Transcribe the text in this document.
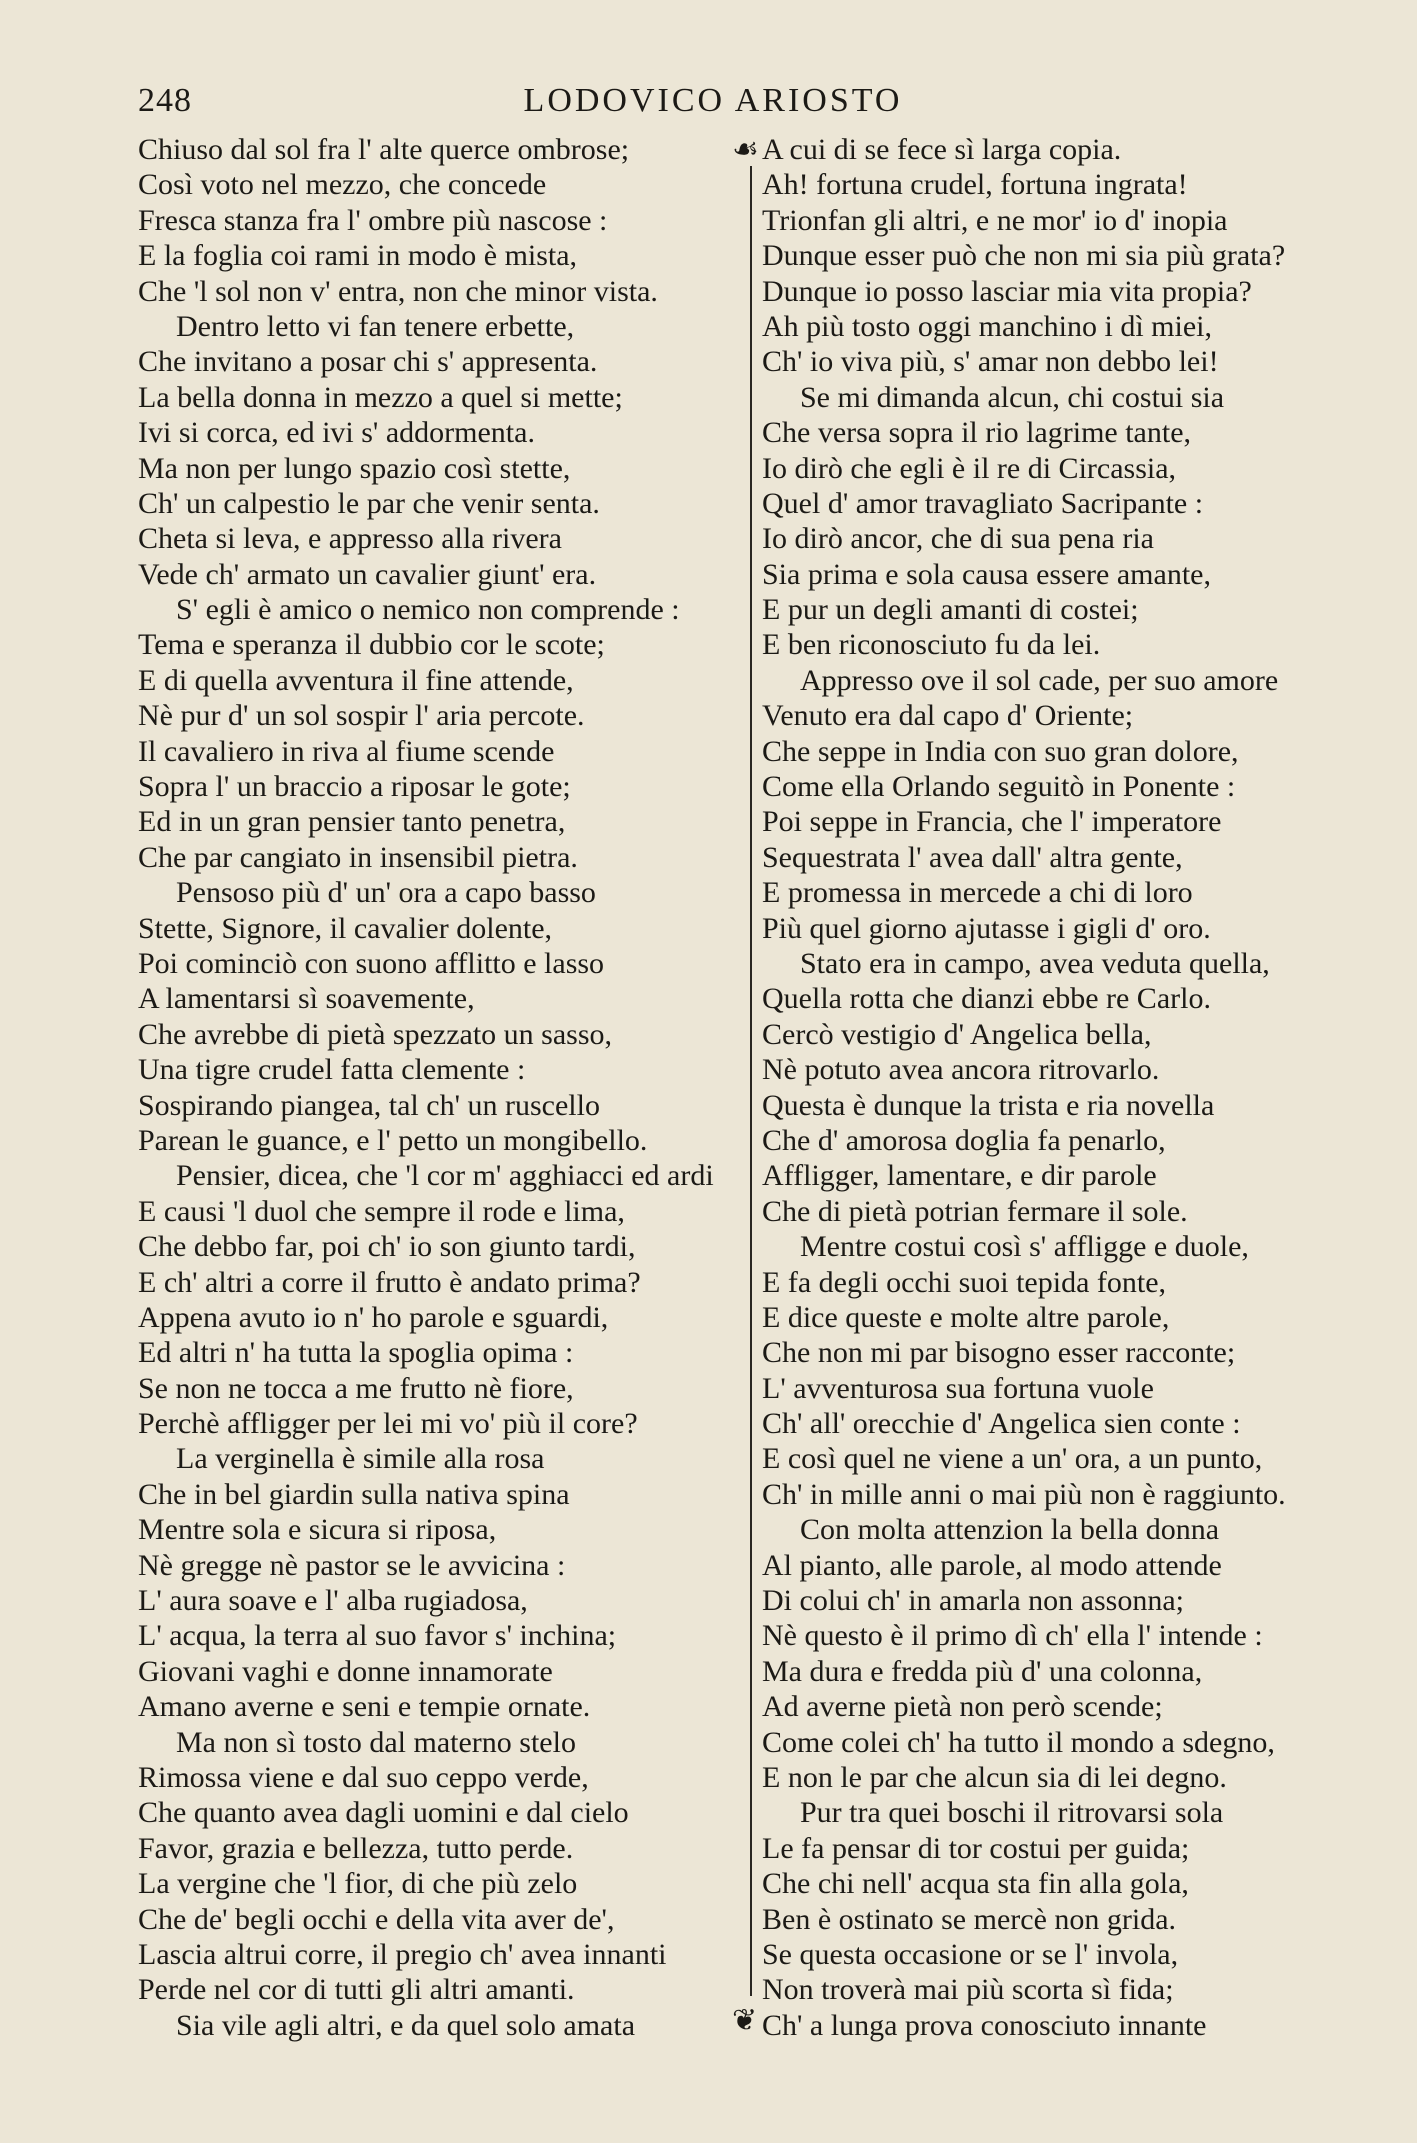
248	LODOVICO ARIOSTO
Chiuso dal sol fra l' alte querce ombrose;
Così voto nel mezzo, che concede
Fresca stanza fra l' ombre più nascose :
E la foglia coi rami in modo è mista,
Che 'l sol non v' entra, non che minor vista.
Dentro letto vi fan tenere erbette,
Che invitano a posar chi s' appresenta.
La bella donna in mezzo a quel si mette;
Ivi si corca, ed ivi s' addormenta.
Ma non per lungo spazio così stette,
Ch' un calpestio le par che venir senta.
Cheta si leva, e appresso alla rivera
Vede ch' armato un cavalier giunt' era.
S' egli è amico o nemico non comprende :
Tema e speranza il dubbio cor le scote;
E di quella avventura il fine attende,
Nè pur d' un sol sospir l' aria percote.
Il cavaliero in riva al fiume scende
Sopra l' un braccio a riposar le gote;
Ed in un gran pensier tanto penetra,
Che par cangiato in insensibil pietra.
Pensoso più d' un' ora a capo basso
Stette, Signore, il cavalier dolente,
Poi cominciò con suono afflitto e lasso
A lamentarsi sì soavemente,
Che avrebbe di pietà spezzato un sasso,
Una tigre crudel fatta clemente :
Sospirando piangea, tal ch' un ruscello
Parean le guance, e l' petto un mongibello.
Pensier, dicea, che 'l cor m' agghiacci ed ardi
E causi 'l duol che sempre il rode e lima,
Che debbo far, poi ch' io son giunto tardi,
E ch' altri a corre il frutto è andato prima?
Appena avuto io n' ho parole e sguardi,
Ed altri n' ha tutta la spoglia opima :
Se non ne tocca a me frutto nè fiore,
Perchè affligger per lei mi vo' più il core?
La verginella è simile alla rosa
Che in bel giardin sulla nativa spina
Mentre sola e sicura si riposa,
Nè gregge nè pastor se le avvicina :
L' aura soave e l' alba rugiadosa,
L' acqua, la terra al suo favor s' inchina;
Giovani vaghi e donne innamorate
Amano averne e seni e tempie ornate.
Ma non sì tosto dal materno stelo
Rimossa viene e dal suo ceppo verde,
Che quanto avea dagli uomini e dal cielo
Favor, grazia e bellezza, tutto perde.
La vergine che 'l fior, di che più zelo
Che de' begli occhi e della vita aver de',
Lascia altrui corre, il pregio ch' avea innanti
Perde nel cor di tutti gli altri amanti.
Sia vile agli altri, e da quel solo amata
☙
❦
A cui di se fece sì larga copia.
Ah! fortuna crudel, fortuna ingrata!
Trionfan gli altri, e ne mor' io d' inopia
Dunque esser può che non mi sia più grata?
Dunque io posso lasciar mia vita propia?
Ah più tosto oggi manchino i dì miei,
Ch' io viva più, s' amar non debbo lei!
Se mi dimanda alcun, chi costui sia
Che versa sopra il rio lagrime tante,
Io dirò che egli è il re di Circassia,
Quel d' amor travagliato Sacripante :
Io dirò ancor, che di sua pena ria
Sia prima e sola causa essere amante,
E pur un degli amanti di costei;
E ben riconosciuto fu da lei.
Appresso ove il sol cade, per suo amore
Venuto era dal capo d' Oriente;
Che seppe in India con suo gran dolore,
Come ella Orlando seguitò in Ponente :
Poi seppe in Francia, che l' imperatore
Sequestrata l' avea dall' altra gente,
E promessa in mercede a chi di loro
Più quel giorno ajutasse i gigli d' oro.
Stato era in campo, avea veduta quella,
Quella rotta che dianzi ebbe re Carlo.
Cercò vestigio d' Angelica bella,
Nè potuto avea ancora ritrovarlo.
Questa è dunque la trista e ria novella
Che d' amorosa doglia fa penarlo,
Affligger, lamentare, e dir parole
Che di pietà potrian fermare il sole.
Mentre costui così s' affligge e duole,
E fa degli occhi suoi tepida fonte,
E dice queste e molte altre parole,
Che non mi par bisogno esser raccontе;
L' avventurosa sua fortuna vuole
Ch' all' orecchie d' Angelica sien conte :
E così quel ne viene a un' ora, a un punto,
Ch' in mille anni o mai più non è raggiunto.
Con molta attenzion la bella donna
Al pianto, alle parole, al modo attende
Di colui ch' in amarla non assonna;
Nè questo è il primo dì ch' ella l' intende :
Ma dura e fredda più d' una colonna,
Ad averne pietà non però scende;
Come colei ch' ha tutto il mondo a sdegno,
E non le par che alcun sia di lei degno.
Pur tra quei boschi il ritrovarsi sola
Le fa pensar di tor costui per guida;
Che chi nell' acqua sta fin alla gola,
Ben è ostinato se mercè non grida.
Se questa occasione or se l' invola,
Non troverà mai più scorta sì fida;
Ch' a lunga prova conosciuto innante
